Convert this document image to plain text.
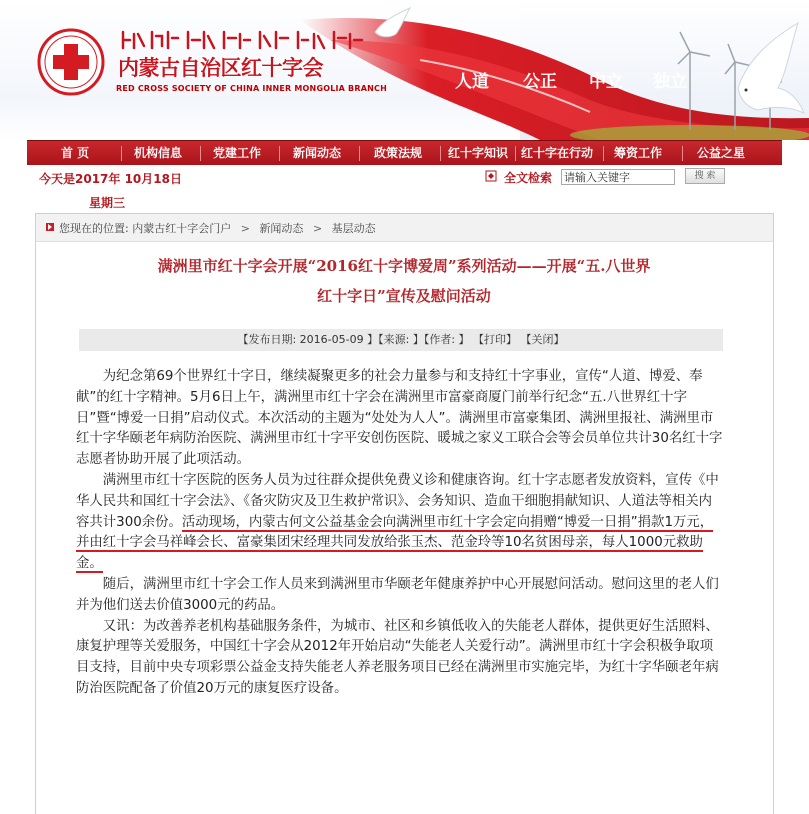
内蒙古自治区红十字会
RED CROSS SOCIETY OF CHINA INNER MONGOLIA BRANCH	人道 公正 中立 独立
首 页	机构信息	党建工作	新闻动态	政策法规 红十字知识 红十字在行动 筹资工作	公益之星
今天是2017年 10月18日
星期三
全文检索
请输入关键字	搜 索
您现在的位置: 内蒙古红十字会门户 > 新闻动态 > 基层动态
满洲里市红十字会开展“2016红十字博爱周”系列活动——开展“五.八世界
红十字日”宣传及慰问活动
【发布日期: 2016-05-09 】【来源: 】【作者: 】 【打印】 【关闭】

为纪念第69个世界红十字日，继续凝聚更多的社会力量参与和支持红十字事业，宣传“人道、博爱、奉献”的红十字精神。5月6日上午，满洲里市红十字会在满洲里市富豪商厦门前举行纪念“五.八世界红十字日”暨“博爱一日捐”启动仪式。本次活动的主题为“处处为人人”。满洲里市富豪集团、满洲里报社、满洲里市红十字华颐老年病防治医院、满洲里市红十字平安创伤医院、暖城之家义工联合会等会员单位共计30名红十字志愿者协助开展了此项活动。

满洲里市红十字医院的医务人员为过往群众提供免费义诊和健康咨询。红十字志愿者发放资料，宣传《中华人民共和国红十字会法》、《备灾防灾及卫生救护常识》、会务知识、造血干细胞捐献知识、人道法等相关内容共计300余份。活动现场，内蒙古何文公益基金会向满洲里市红十字会定向捐赠“博爱一日捐”捐款1万元，并由红十字会马祥峰会长、富豪集团宋经理共同发放给张玉杰、范金玲等10名贫困母亲，每人1000元救助金。

随后，满洲里市红十字会工作人员来到满洲里市华颐老年健康养护中心开展慰问活动。慰问这里的老人们并为他们送去价值3000元的药品。

又讯：为改善养老机构基础服务条件，为城市、社区和乡镇低收入的失能老人群体，提供更好生活照料、康复护理等关爱服务，中国红十字会从2012年开始启动“失能老人关爱行动”。满洲里市红十字会积极争取项目支持，目前中央专项彩票公益金支持失能老人养老服务项目已经在满洲里市实施完毕，为红十字华颐老年病防治医院配备了价值20万元的康复医疗设备。
